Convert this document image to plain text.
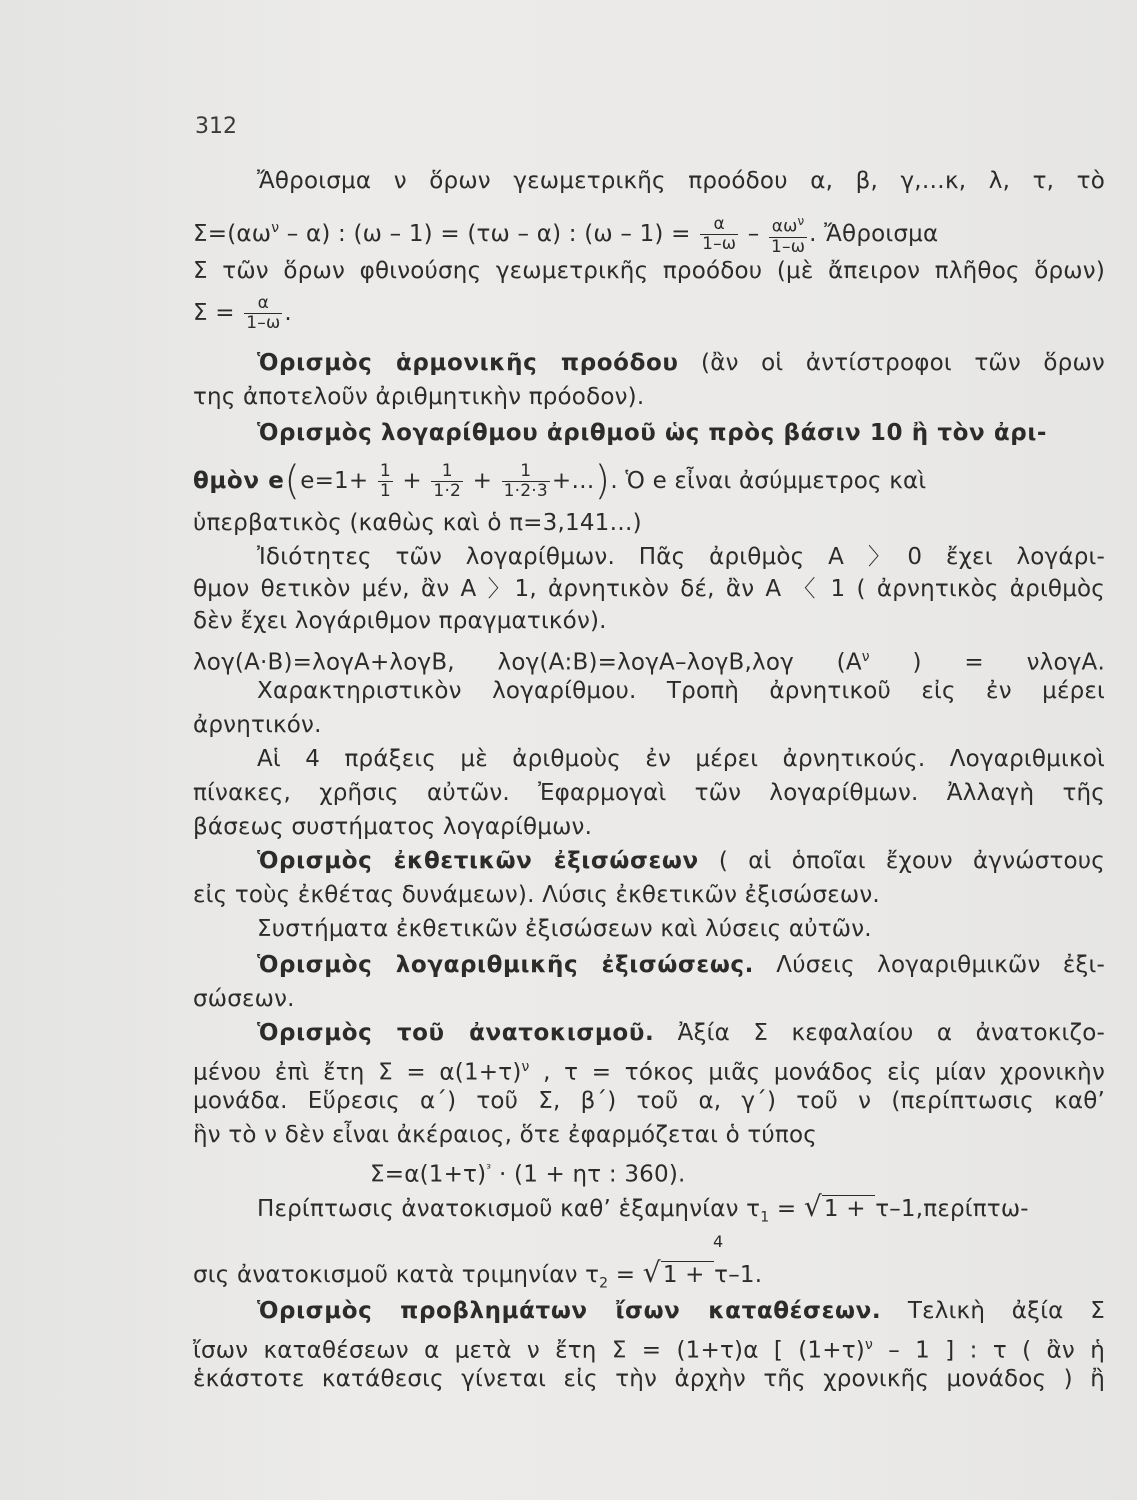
312
Ἄθροισμα ν ὅρων γεωμετρικῆς προόδου α, β, γ,…κ, λ, τ, τὸ
$\Sigma=(\alpha\omega^\nu - \alpha)$ : (ω – 1) = (τω – α) : $(\omega - 1) = \frac{\alpha}{1-\omega} - \frac{\alpha\omega^\nu}{1-\omega}$ . Ἄθροισμα
Σ τῶν ὅρων φθινούσης γεωμετρικῆς προόδου (μὲ ἄπειρον πλῆθος ὅρων)
$\Sigma = \frac{\alpha}{1-\omega}$ .
Ὁρισμὸς ἁρμονικῆς προόδου (ἂν οἱ ἀντίστροφοι τῶν ὅρων
της ἀποτελοῦν ἀριθμητικὴν πρόοδον).
Ὁρισμὸς λογαρίθμου ἀριθμοῦ ὡς πρὸς βάσιν 10 ἢ τὸν ἀρι-
θμὸν $e(e=1+ \frac{1}{1} + \frac{1}{1\cdot 2} + \frac{1}{1\cdot 2\cdot 3}$ +…). Ὁ e εἶναι ἀσύμμετρος καὶ
ὑπερβατικὸς (καθὼς καὶ ὁ π=3,141…)
Ἰδιότητες τῶν λογαρίθμων. Πᾶς ἀριθμὸς Α 〉0 ἔχει λογάρι-
θμον θετικὸν μέν, ἂν Α 〉1, ἀρνητικὸν δέ, ἂν Α 〈 1 ( ἀρνητικὸς ἀριθμὸς
δὲν ἔχει λογάριθμον πραγματικόν).
λογ(Α·Β)=λογΑ+λογΒ, λογ(Α:Β)=λογΑ–λογΒ,λογ ($A^\nu$ ) = νλογΑ.
Χαρακτηριστικὸν λογαρίθμου. Τροπὴ ἀρνητικοῦ εἰς ἐν μέρει
ἀρνητικόν.
Αἱ 4 πράξεις μὲ ἀριθμοὺς ἐν μέρει ἀρνητικούς. Λογαριθμικοὶ
πίνακες, χρῆσις αὐτῶν. Ἐφαρμογαὶ τῶν λογαρίθμων. Ἀλλαγὴ τῆς
βάσεως συστήματος λογαρίθμων.
Ὁρισμὸς ἐκθετικῶν ἐξισώσεων ( αἱ ὁποῖαι ἔχουν ἀγνώστους
εἰς τοὺς ἐκθέτας δυνάμεων). Λύσις ἐκθετικῶν ἐξισώσεων.
Συστήματα ἐκθετικῶν ἐξισώσεων καὶ λύσεις αὐτῶν.
Ὁρισμὸς λογαριθμικῆς ἐξισώσεως. Λύσεις λογαριθμικῶν ἐξι-
σώσεων.
Ὁρισμὸς τοῦ ἀνατοκισμοῦ. Ἀξία Σ κεφαλαίου α ἀνατοκιζο-
μένου ἐπὶ ἔτη $\Sigma = \alpha(1+\tau)^\nu$ , τ = τόκος μιᾶς μονάδος εἰς μίαν χρονικὴν
μονάδα. Εὕρεσις α΄) τοῦ Σ, β΄) τοῦ α, γ΄) τοῦ ν (περίπτωσις καθ’
ἣν τὸ ν δὲν εἶναι ἀκέραιος, ὅτε ἐφαρμόζεται ὁ τύπος
$\Sigma=\alpha(1+\tau)^ᵌ \cdot (1 + \eta\tau$ : 360).
Περίπτωσις ἀνατοκισμοῦ καθ’ ἑξαμηνίαν $\tau_1 = √1 + \tau-1,\pi\varepsilon\rho ί\pi\tau\omega-$
4
σις ἀνατοκισμοῦ κατὰ τριμηνίαν $\tau_2 = √1 + \tau-1$.
Ὁρισμὸς προβλημάτων ἴσων καταθέσεων. Τελικὴ ἀξία Σ
ἴσων καταθέσεων α μετὰ ν ἔτη Σ = (1+τ)α [ $(1+\tau)^\nu - 1$ ] : τ ( ἂν ἡ
ἑκάστοτε κατάθεσις γίνεται εἰς τὴν ἀρχὴν τῆς χρονικῆς μονάδος ) ἢ
